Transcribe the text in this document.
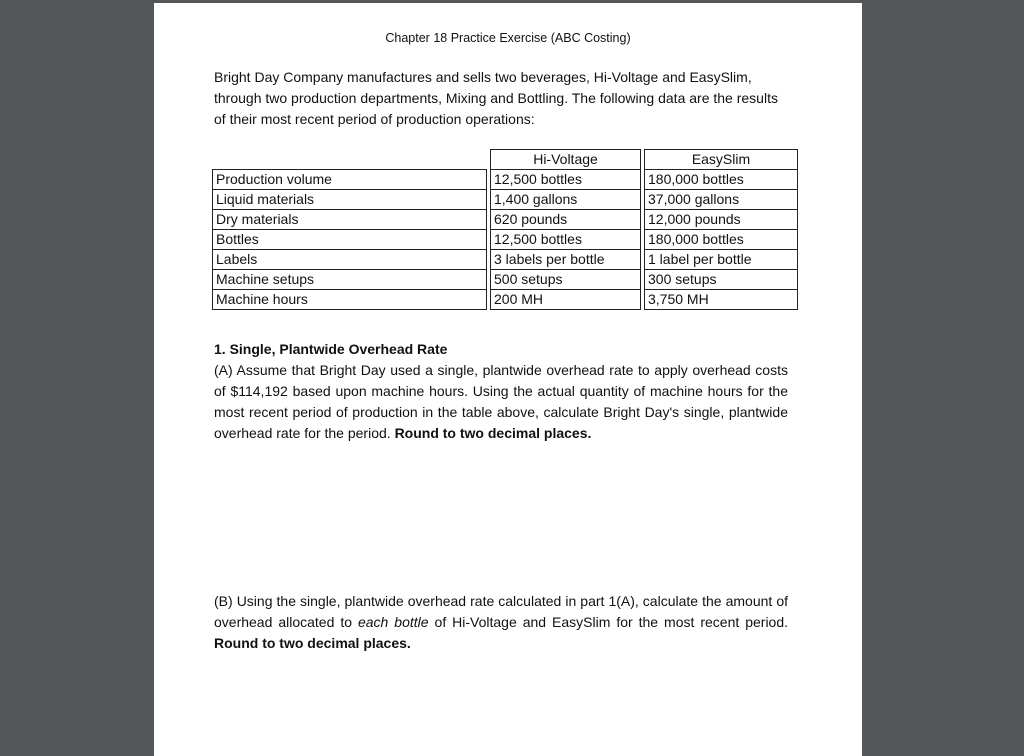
Chapter 18 Practice Exercise (ABC Costing)

Bright Day Company manufactures and sells two beverages, Hi-Voltage and EasySlim, through two production departments, Mixing and Bottling. The following data are the results of their most recent period of production operations:

		Hi-Voltage		EasySlim
Production volume		12,500 bottles		180,000 bottles
Liquid materials		1,400 gallons		37,000 gallons
Dry materials		620 pounds		12,000 pounds
Bottles		12,500 bottles		180,000 bottles
Labels		3 labels per bottle		1 label per bottle
Machine setups		500 setups		300 setups
Machine hours		200 MH		3,750 MH

1. Single, Plantwide Overhead Rate

(A) Assume that Bright Day used a single, plantwide overhead rate to apply overhead costs of $114,192 based upon machine hours. Using the actual quantity of machine hours for the most recent period of production in the table above, calculate Bright Day's single, plantwide overhead rate for the period. Round to two decimal places.

(B) Using the single, plantwide overhead rate calculated in part 1(A), calculate the amount of overhead allocated to each bottle of Hi-Voltage and EasySlim for the most recent period. Round to two decimal places.
